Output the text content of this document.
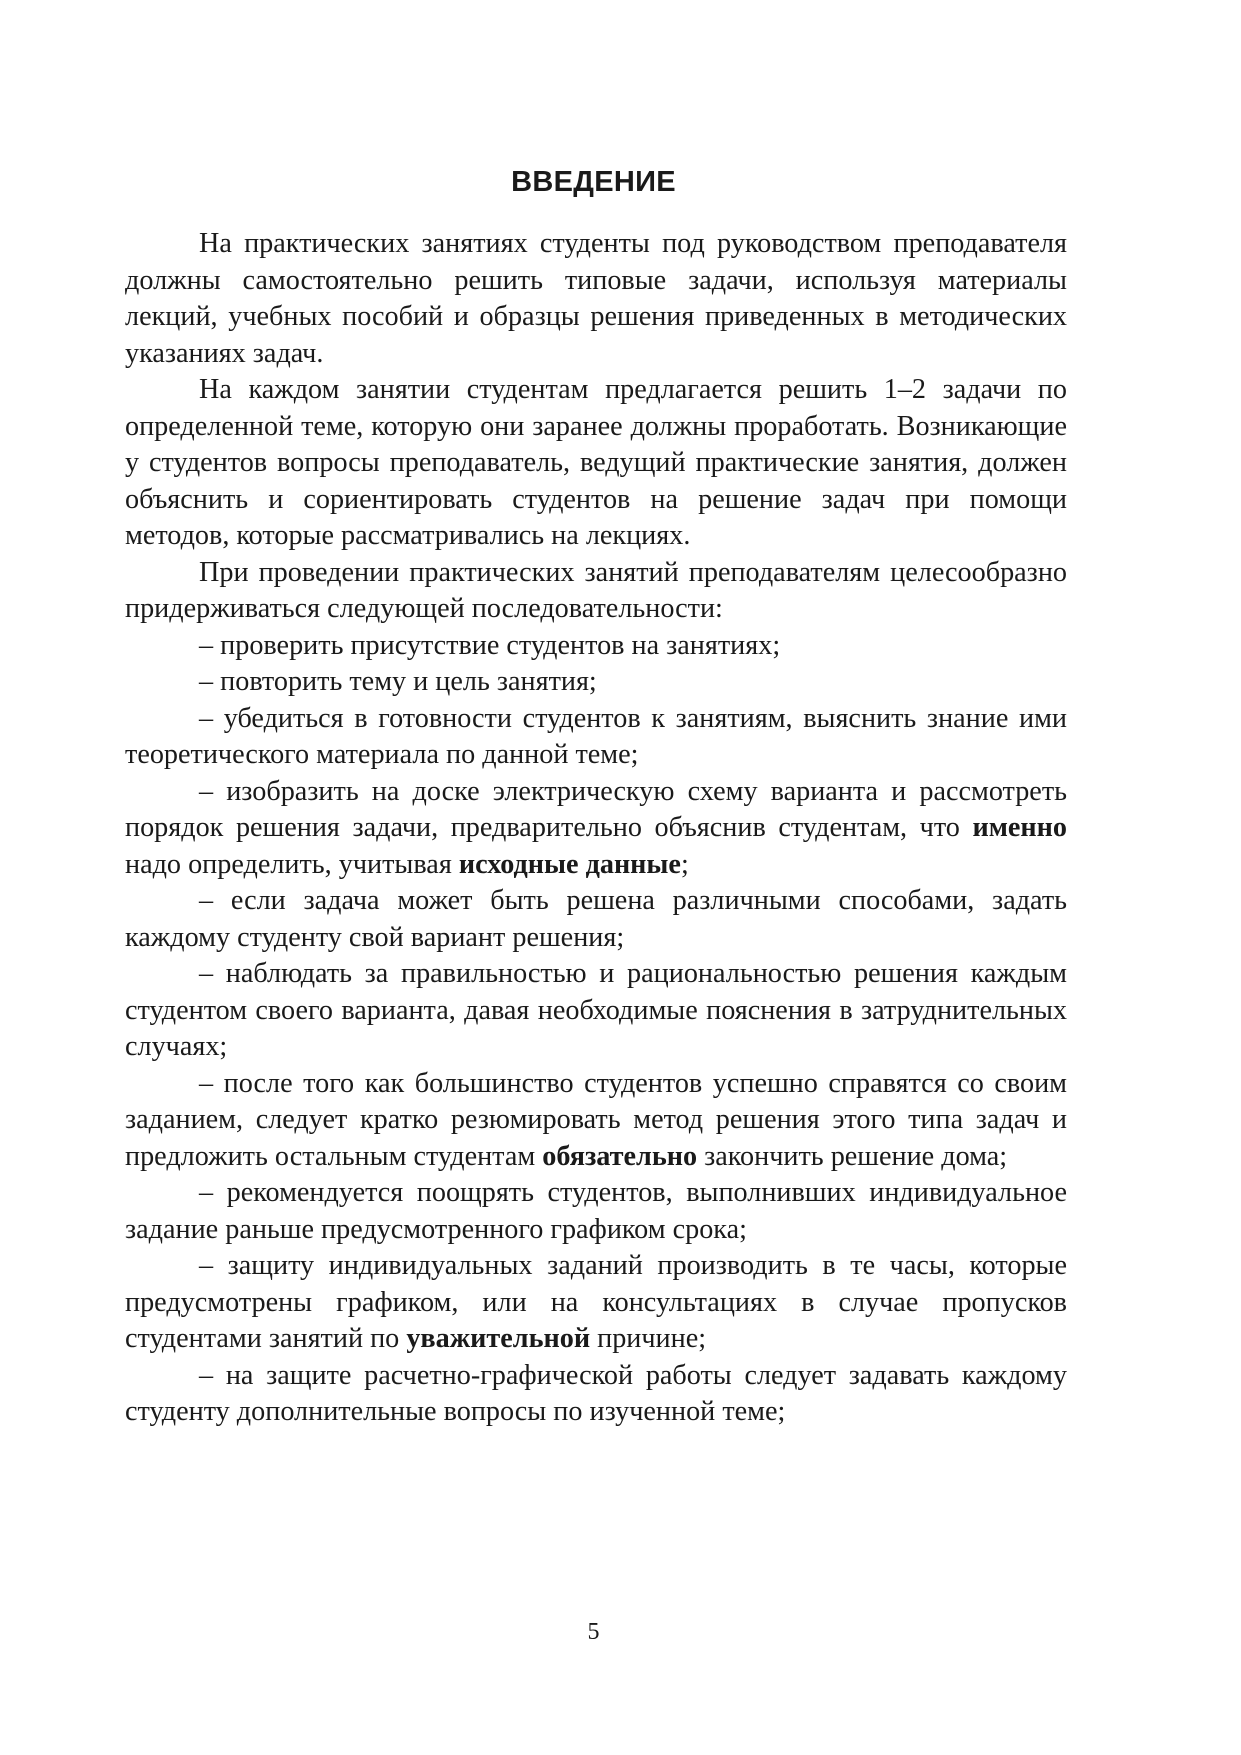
ВВЕДЕНИЕ

На практических занятиях студенты под руководством преподавателя должны самостоятельно решить типовые задачи, используя материалы лекций, учебных пособий и образцы решения приведенных в методических указаниях задач.

На каждом занятии студентам предлагается решить 1–2 задачи по определенной теме, которую они заранее должны проработать. Возникающие у студентов вопросы преподаватель, ведущий практические занятия, должен объяснить и сориентировать студентов на решение задач при помощи методов, которые рассматривались на лекциях.

При проведении практических занятий преподавателям целесообразно придерживаться следующей последовательности:

– проверить присутствие студентов на занятиях;

– повторить тему и цель занятия;

– убедиться в готовности студентов к занятиям, выяснить знание ими теоретического материала по данной теме;

– изобразить на доске электрическую схему варианта и рассмотреть порядок решения задачи, предварительно объяснив студентам, что именно надо определить, учитывая исходные данные;

– если задача может быть решена различными способами, задать каждому студенту свой вариант решения;

– наблюдать за правильностью и рациональностью решения каждым студентом своего варианта, давая необходимые пояснения в затруднительных случаях;

– после того как большинство студентов успешно справятся со своим заданием, следует кратко резюмировать метод решения этого типа задач и предложить остальным студентам обязательно закончить решение дома;

– рекомендуется поощрять студентов, выполнивших индивидуальное задание раньше предусмотренного графиком срока;

– защиту индивидуальных заданий производить в те часы, которые предусмотрены графиком, или на консультациях в случае пропусков студентами занятий по уважительной причине;

– на защите расчетно-графической работы следует задавать каждому студенту дополнительные вопросы по изученной теме;

5
